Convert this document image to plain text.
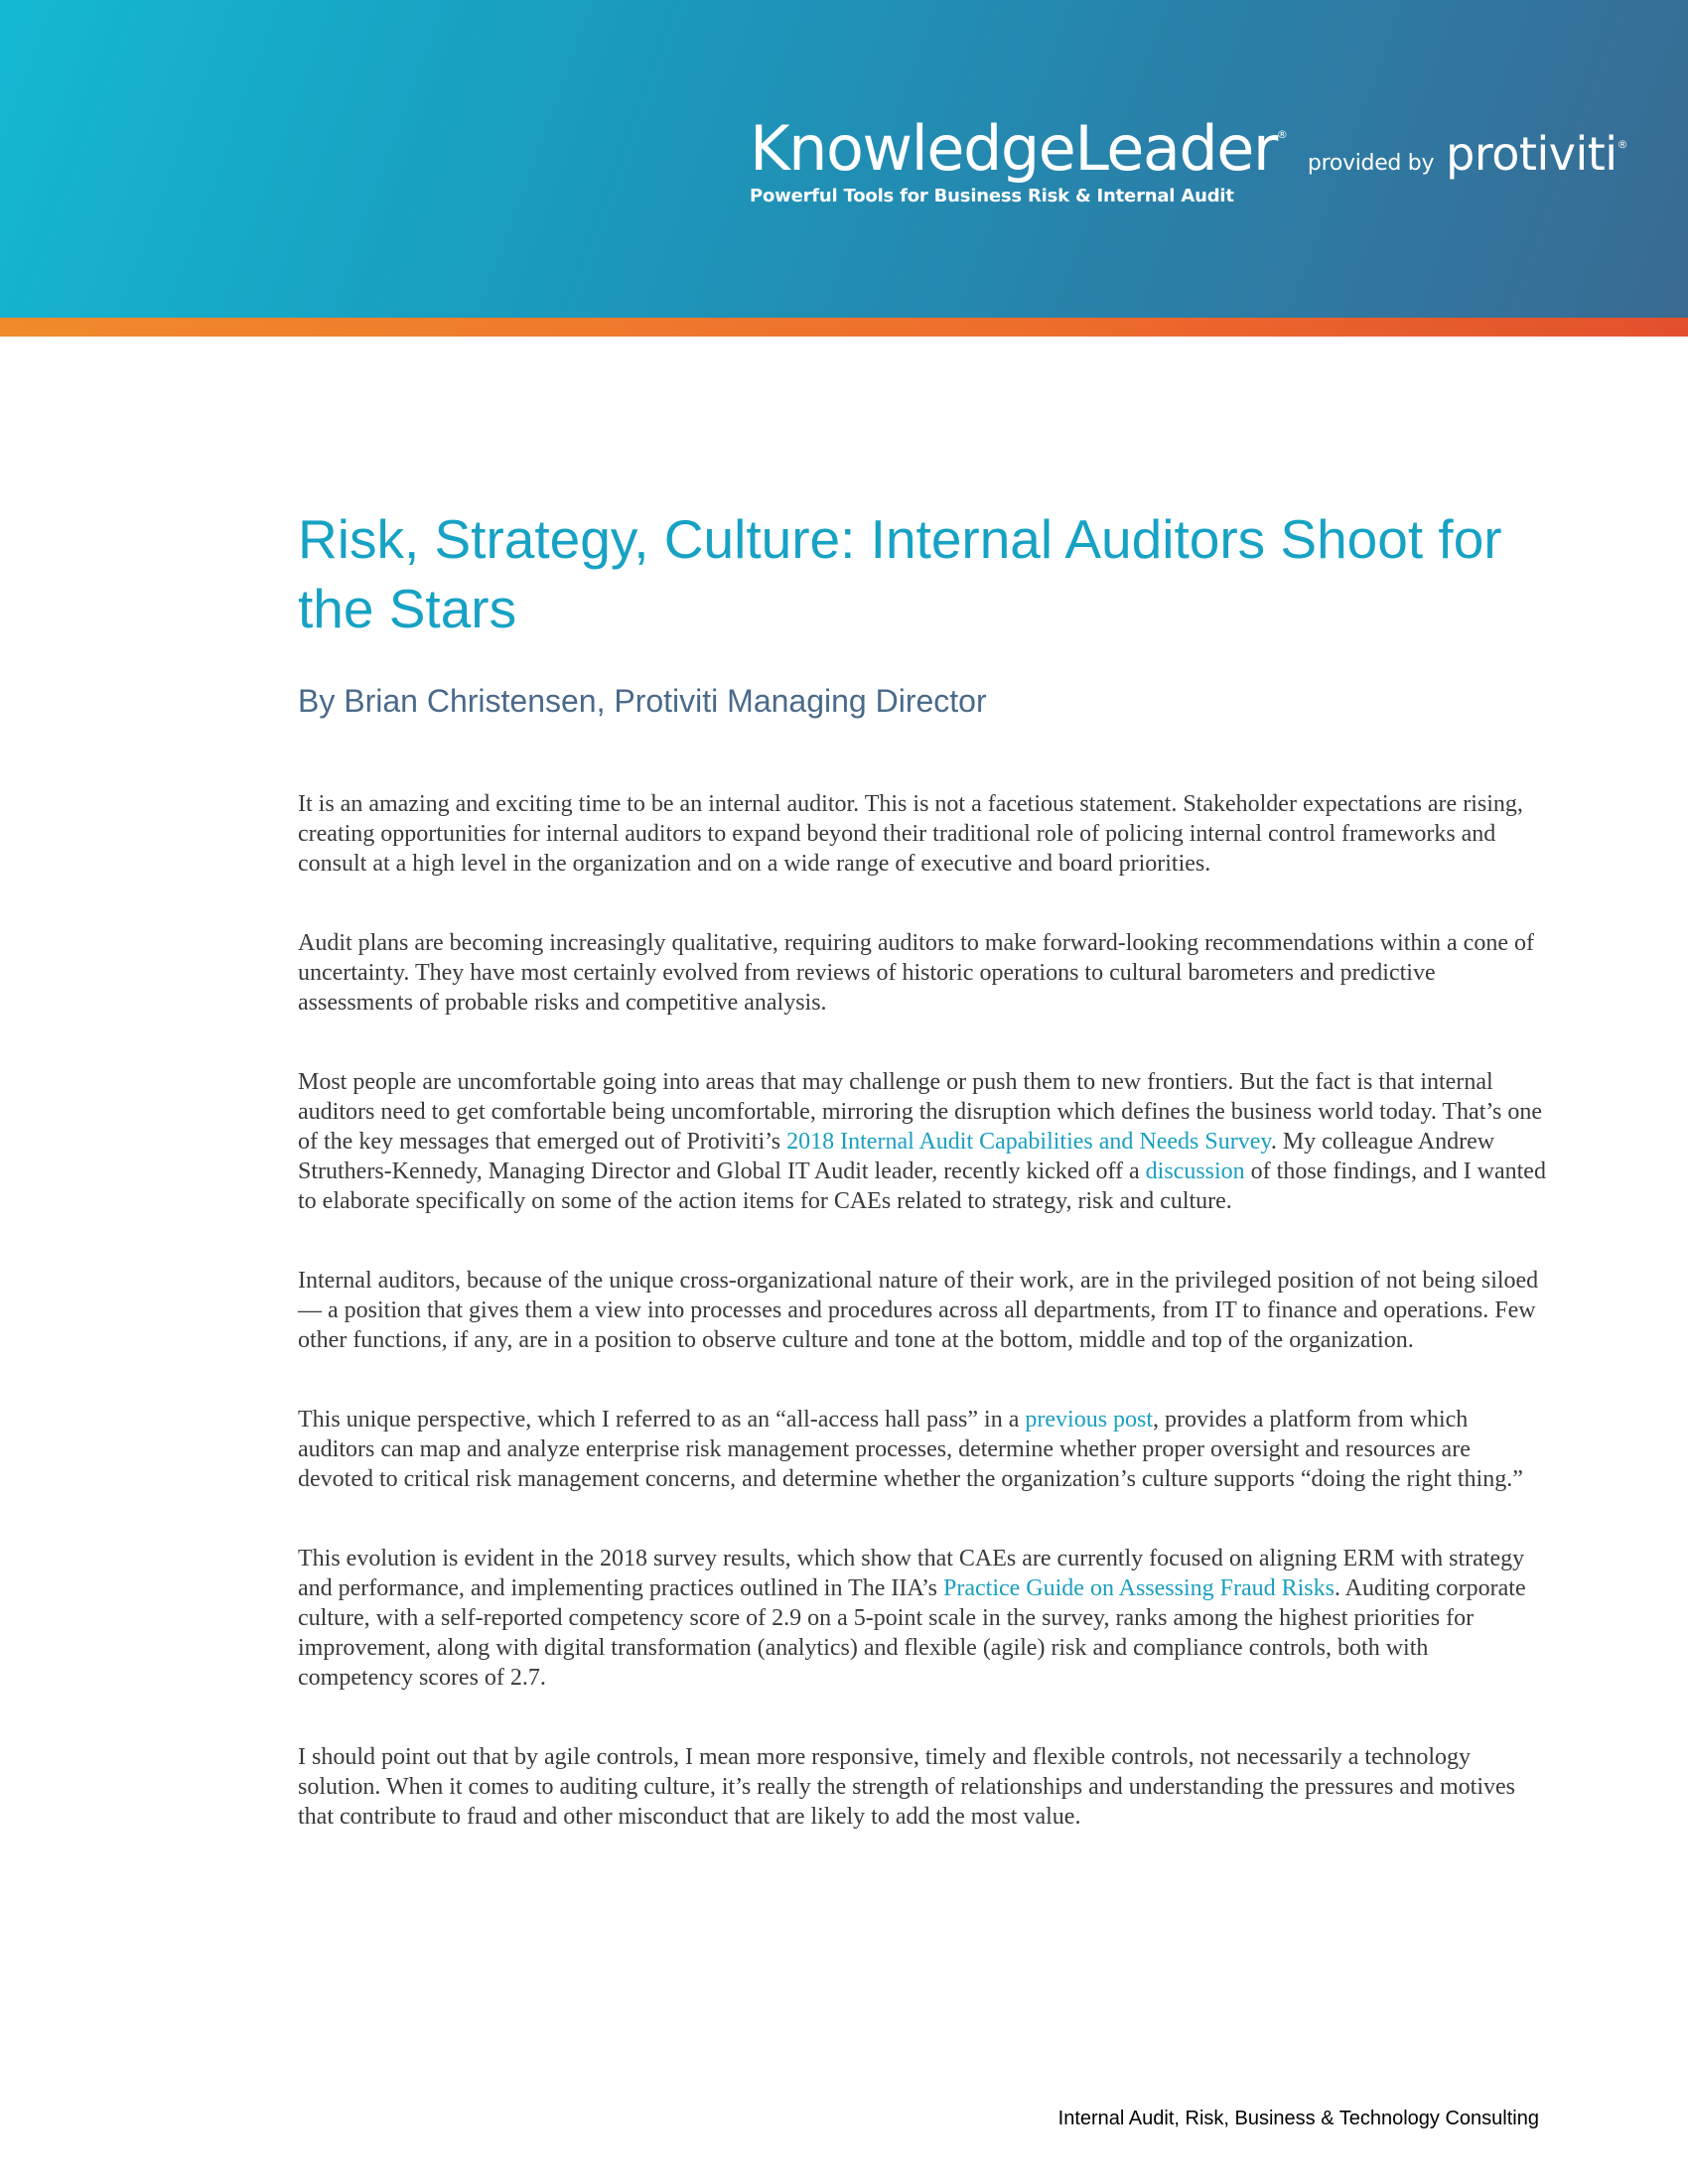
KnowledgeLeader ®
provided by protiviti ®
Powerful Tools for Business Risk & Internal Audit
Risk, Strategy, Culture: Internal Auditors Shoot for the Stars
By Brian Christensen, Protiviti Managing Director

It is an amazing and exciting time to be an internal auditor. This is not a facetious statement. Stakeholder expectations are rising, creating opportunities for internal auditors to expand beyond their traditional role of policing internal control frameworks and consult at a high level in the organization and on a wide range of executive and board priorities.

Audit plans are becoming increasingly qualitative, requiring auditors to make forward-looking recommendations within a cone of uncertainty. They have most certainly evolved from reviews of historic operations to cultural barometers and predictive assessments of probable risks and competitive analysis.

Most people are uncomfortable going into areas that may challenge or push them to new frontiers. But the fact is that internal auditors need to get comfortable being uncomfortable, mirroring the disruption which defines the business world today. That’s one of the key messages that emerged out of Protiviti’s 2018 Internal Audit Capabilities and Needs Survey. My colleague Andrew Struthers-Kennedy, Managing Director and Global IT Audit leader, recently kicked off a discussion of those findings, and I wanted to elaborate specifically on some of the action items for CAEs related to strategy, risk and culture.

Internal auditors, because of the unique cross-organizational nature of their work, are in the privileged position of not being siloed — a position that gives them a view into processes and procedures across all departments, from IT to finance and operations. Few other functions, if any, are in a position to observe culture and tone at the bottom, middle and top of the organization.

This unique perspective, which I referred to as an “all-access hall pass” in a previous post, provides a platform from which auditors can map and analyze enterprise risk management processes, determine whether proper oversight and resources are devoted to critical risk management concerns, and determine whether the organization’s culture supports “doing the right thing.”

This evolution is evident in the 2018 survey results, which show that CAEs are currently focused on aligning ERM with strategy and performance, and implementing practices outlined in The IIA’s Practice Guide on Assessing Fraud Risks. Auditing corporate culture, with a self-reported competency score of 2.9 on a 5-point scale in the survey, ranks among the highest priorities for improvement, along with digital transformation (analytics) and flexible (agile) risk and compliance controls, both with competency scores of 2.7.

I should point out that by agile controls, I mean more responsive, timely and flexible controls, not necessarily a technology solution. When it comes to auditing culture, it’s really the strength of relationships and understanding the pressures and motives that contribute to fraud and other misconduct that are likely to add the most value.

Internal Audit, Risk, Business & Technology Consulting
